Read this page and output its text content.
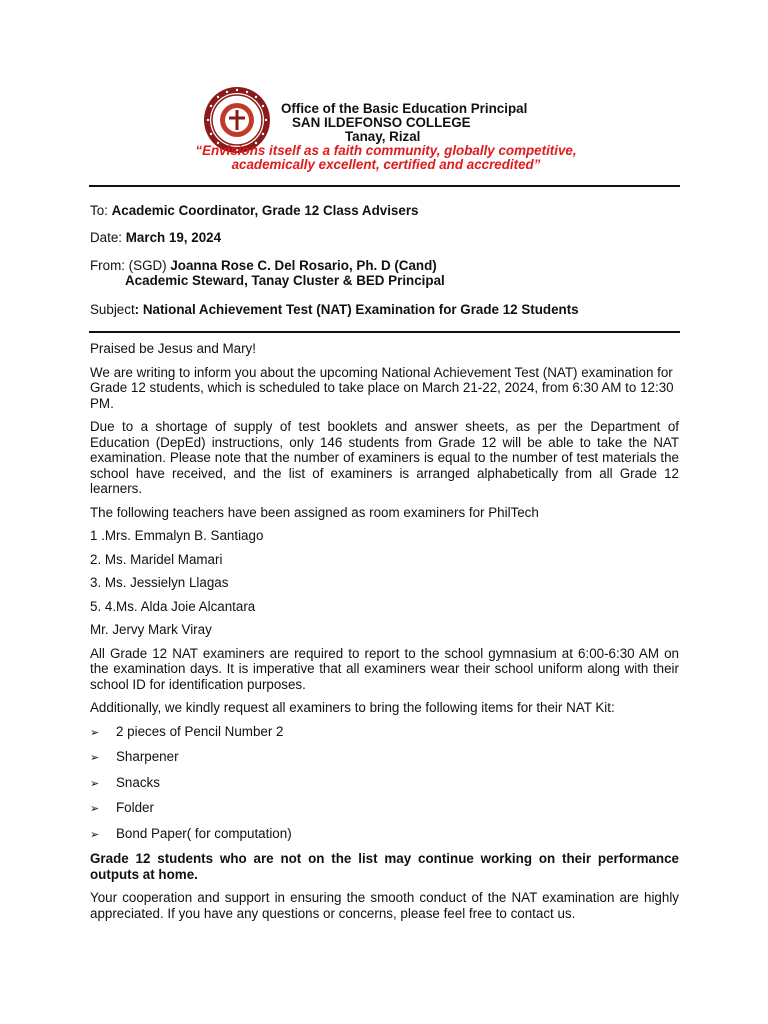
Office of the Basic Education Principal
SAN ILDEFONSO COLLEGE
Tanay, Rizal
“Envisions itself as a faith community, globally competitive,
academically excellent, certified and accredited”
To: Academic Coordinator, Grade 12 Class Advisers
Date: March 19, 2024
From: (SGD) Joanna Rose C. Del Rosario, Ph. D (Cand)
Academic Steward, Tanay Cluster & BED Principal
Subject: National Achievement Test (NAT) Examination for Grade 12 Students

Praised be Jesus and Mary!

We are writing to inform you about the upcoming National Achievement Test (NAT) examination for Grade 12 students, which is scheduled to take place on March 21-22, 2024, from 6:30 AM to 12:30 PM.

Due to a shortage of supply of test booklets and answer sheets, as per the Department of Education (DepEd) instructions, only 146 students from Grade 12 will be able to take the NAT examination. Please note that the number of examiners is equal to the number of test materials the school have received, and the list of examiners is arranged alphabetically from all Grade 12 learners.

The following teachers have been assigned as room examiners for PhilTech

1 .Mrs. Emmalyn B. Santiago
2. Ms. Maridel Mamari
3. Ms. Jessielyn Llagas
5. 4.Ms. Alda Joie Alcantara
Mr. Jervy Mark Viray

All Grade 12 NAT examiners are required to report to the school gymnasium at 6:00-6:30 AM on the examination days. It is imperative that all examiners wear their school uniform along with their school ID for identification purposes.

Additionally, we kindly request all examiners to bring the following items for their NAT Kit:

➢	2 pieces of Pencil Number 2
➢	Sharpener
➢	Snacks
➢	Folder
➢	Bond Paper( for computation)

Grade 12 students who are not on the list may continue working on their performance outputs at home.

Your cooperation and support in ensuring the smooth conduct of the NAT examination are highly appreciated. If you have any questions or concerns, please feel free to contact us.
